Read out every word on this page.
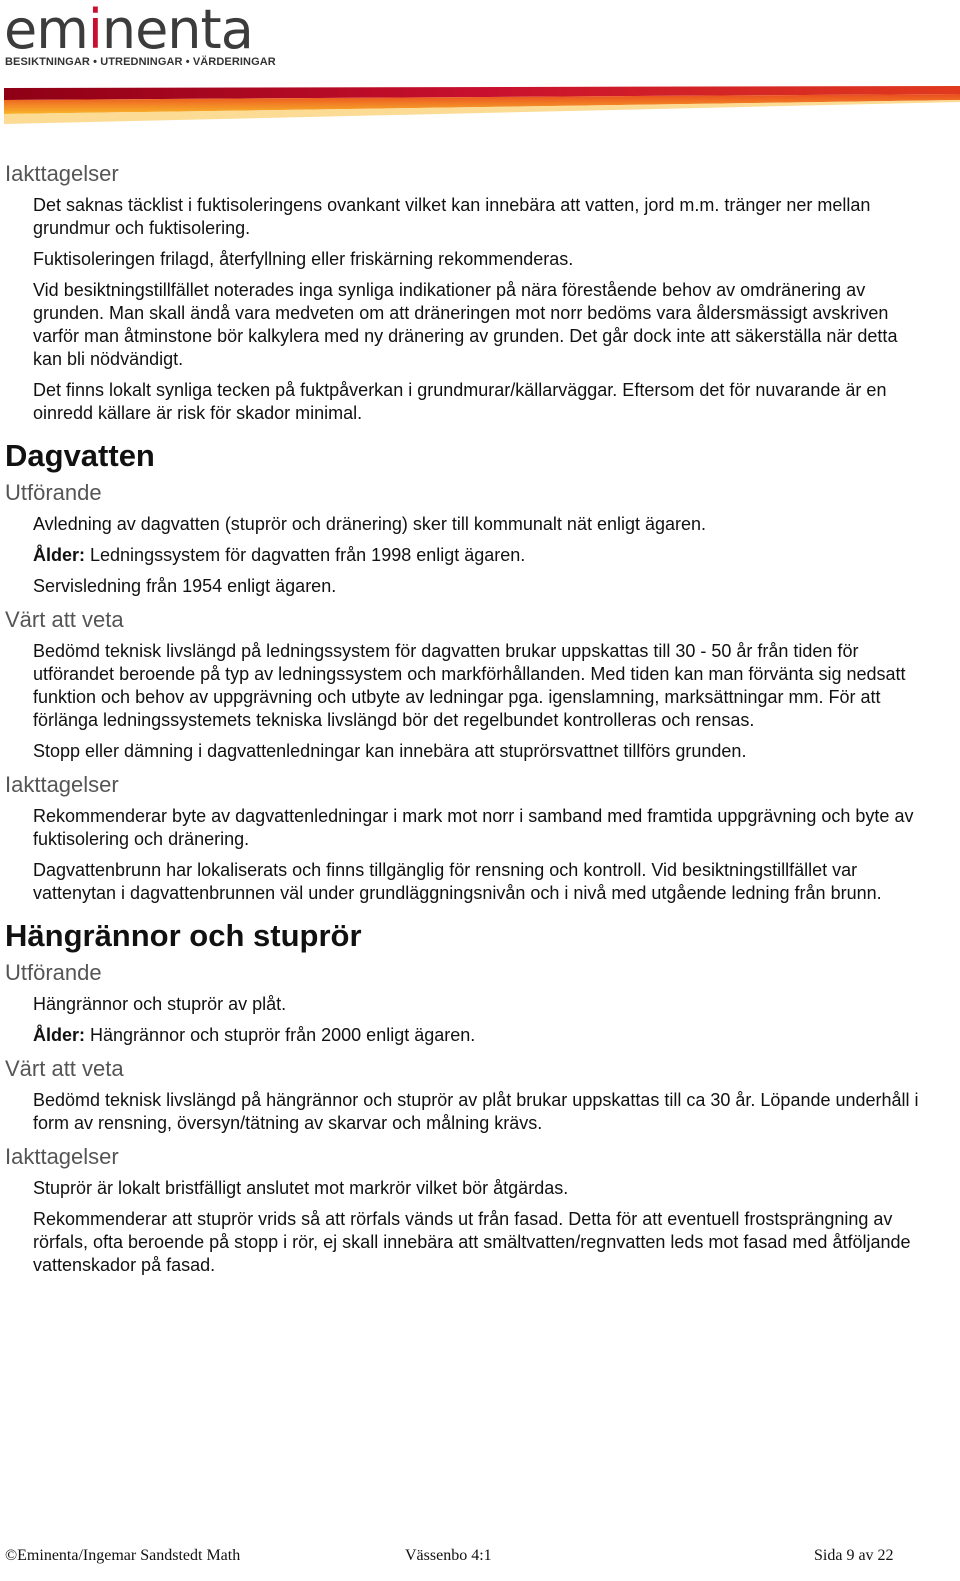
eminenta
BESIKTNINGAR • UTREDNINGAR • VÄRDERINGAR
Iakttagelser
Det saknas täcklist i fuktisoleringens ovankant vilket kan innebära att vatten, jord m.m. tränger ner mellan grundmur och fuktisolering.
Fuktisoleringen frilagd, återfyllning eller friskärning rekommenderas.
Vid besiktningstillfället noterades inga synliga indikationer på nära förestående behov av omdränering av grunden. Man skall ändå vara medveten om att dräneringen mot norr bedöms vara åldersmässigt avskriven varför man åtminstone bör kalkylera med ny dränering av grunden. Det går dock inte att säkerställa när detta kan bli nödvändigt.
Det finns lokalt synliga tecken på fuktpåverkan i grundmurar/källarväggar. Eftersom det för nuvarande är en oinredd källare är risk för skador minimal.
Dagvatten
Utförande
Avledning av dagvatten (stuprör och dränering) sker till kommunalt nät enligt ägaren.
Ålder: Ledningssystem för dagvatten från 1998 enligt ägaren.
Servisledning från 1954 enligt ägaren.
Värt att veta
Bedömd teknisk livslängd på ledningssystem för dagvatten brukar uppskattas till 30 - 50 år från tiden för utförandet beroende på typ av ledningssystem och markförhållanden. Med tiden kan man förvänta sig nedsatt funktion och behov av uppgrävning och utbyte av ledningar pga. igenslamning, marksättningar mm. För att förlänga ledningssystemets tekniska livslängd bör det regelbundet kontrolleras och rensas.
Stopp eller dämning i dagvattenledningar kan innebära att stuprörsvattnet tillförs grunden.
Iakttagelser
Rekommenderar byte av dagvattenledningar i mark mot norr i samband med framtida uppgrävning och byte av fuktisolering och dränering.
Dagvattenbrunn har lokaliserats och finns tillgänglig för rensning och kontroll. Vid besiktningstillfället var vattenytan i dagvattenbrunnen väl under grundläggningsnivån och i nivå med utgående ledning från brunn.
Hängrännor och stuprör
Utförande
Hängrännor och stuprör av plåt.
Ålder: Hängrännor och stuprör från 2000 enligt ägaren.
Värt att veta
Bedömd teknisk livslängd på hängrännor och stuprör av plåt brukar uppskattas till ca 30 år. Löpande underhåll i form av rensning, översyn/tätning av skarvar och målning krävs.
Iakttagelser
Stuprör är lokalt bristfälligt anslutet mot markrör vilket bör åtgärdas.
Rekommenderar att stuprör vrids så att rörfals vänds ut från fasad. Detta för att eventuell frostsprängning av rörfals, ofta beroende på stopp i rör, ej skall innebära att smältvatten/regnvatten leds mot fasad med åtföljande vattenskador på fasad.
©Eminenta/Ingemar Sandstedt Math	Vässenbo 4:1	Sida 9 av 22
